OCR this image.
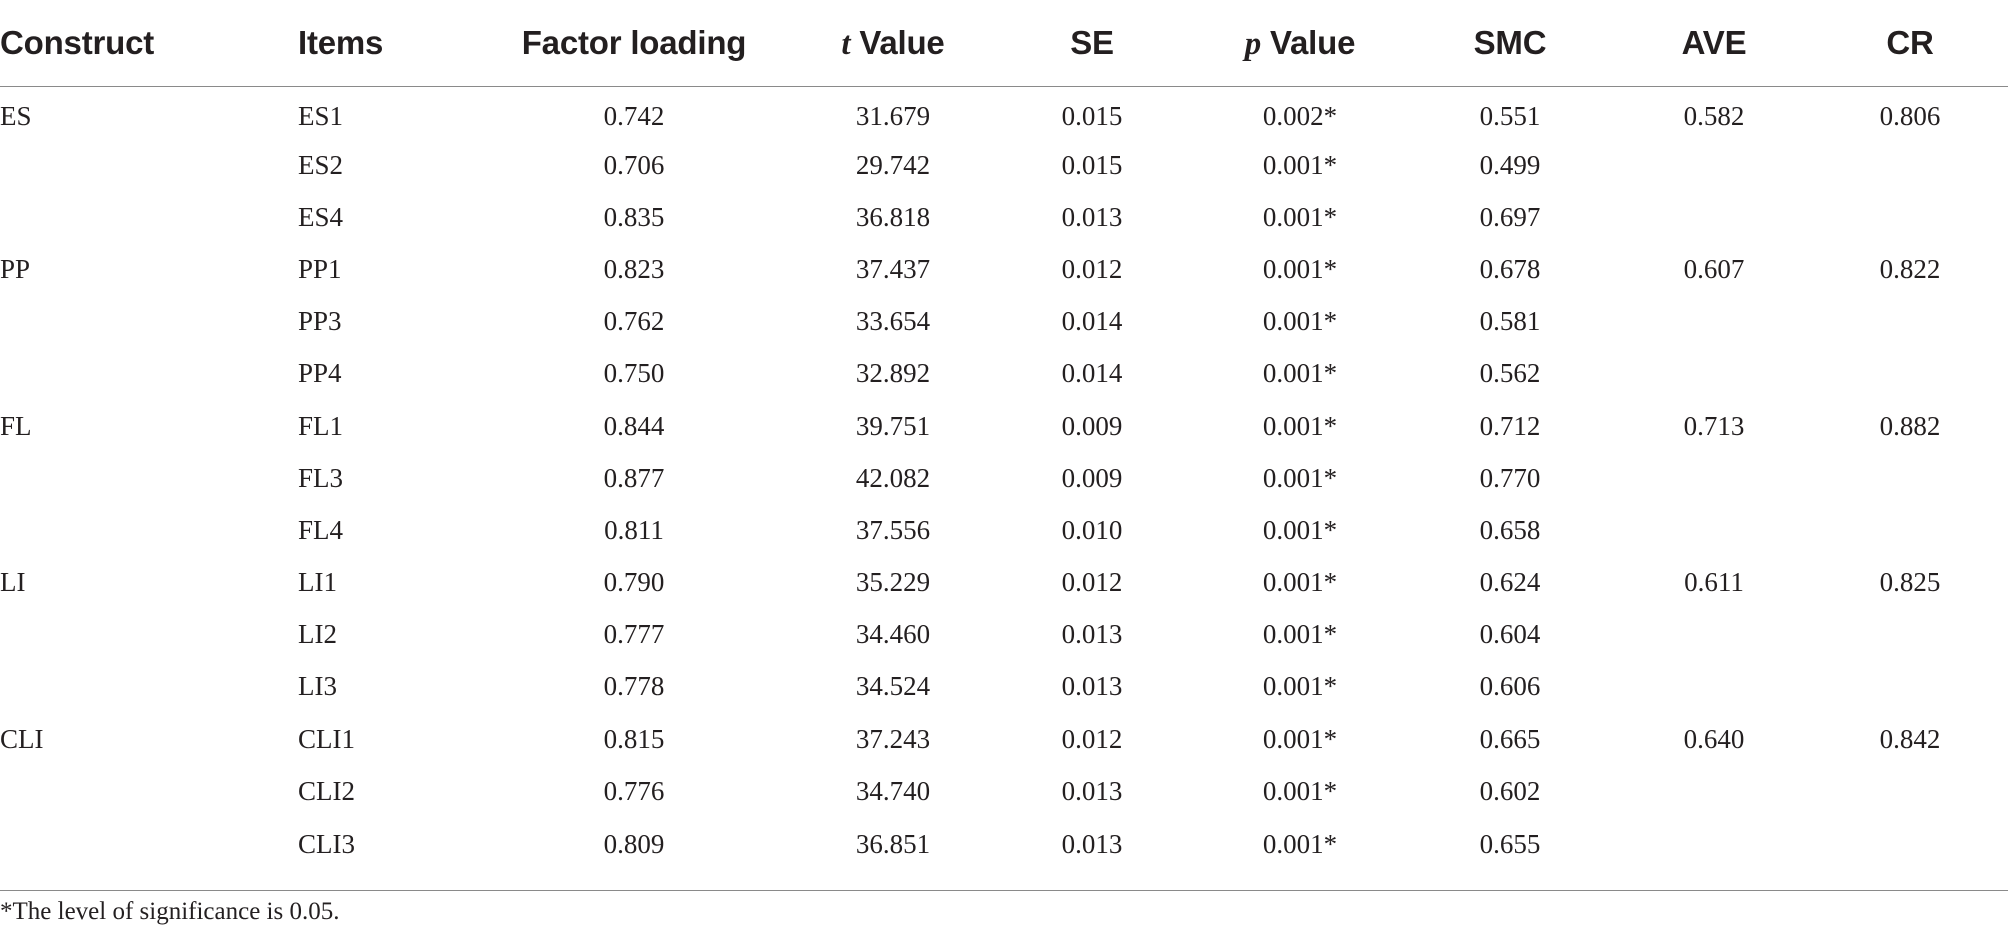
Construct	Items	Factor loading	t Value	SE	p Value	SMC	AVE	CR
ES	ES1	0.742	31.679	0.015	0.002*	0.551	0.582	0.806
	ES2	0.706	29.742	0.015	0.001*	0.499		
	ES4	0.835	36.818	0.013	0.001*	0.697		
PP	PP1	0.823	37.437	0.012	0.001*	0.678	0.607	0.822
	PP3	0.762	33.654	0.014	0.001*	0.581		
	PP4	0.750	32.892	0.014	0.001*	0.562		
FL	FL1	0.844	39.751	0.009	0.001*	0.712	0.713	0.882
	FL3	0.877	42.082	0.009	0.001*	0.770		
	FL4	0.811	37.556	0.010	0.001*	0.658		
LI	LI1	0.790	35.229	0.012	0.001*	0.624	0.611	0.825
	LI2	0.777	34.460	0.013	0.001*	0.604		
	LI3	0.778	34.524	0.013	0.001*	0.606		
CLI	CLI1	0.815	37.243	0.012	0.001*	0.665	0.640	0.842
	CLI2	0.776	34.740	0.013	0.001*	0.602		
	CLI3	0.809	36.851	0.013	0.001*	0.655		
*The level of significance is 0.05.
